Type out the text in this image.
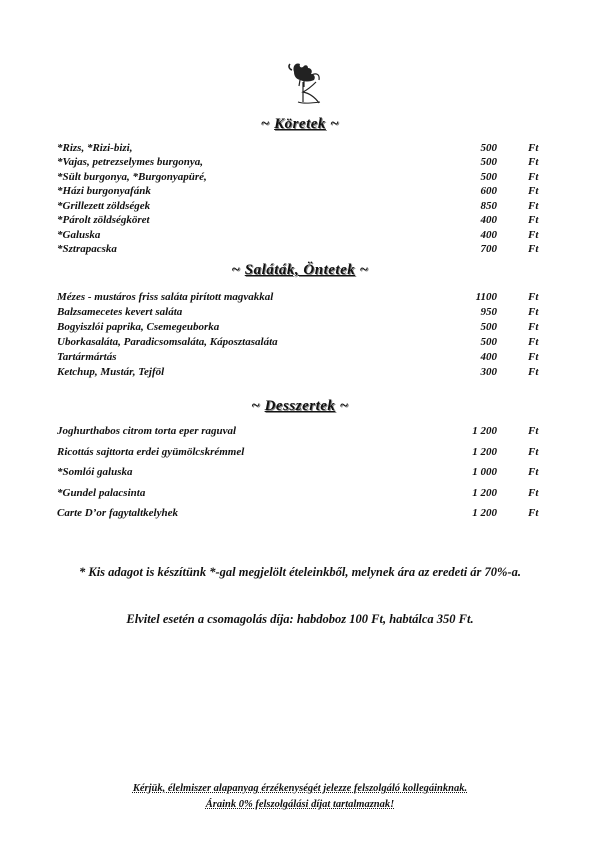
~ Köretek ~
*Rizs, *Rizi-bizi,	500	Ft
*Vajas, petrezselymes burgonya,	500	Ft
*Sült burgonya, *Burgonyapüré,	500	Ft
*Házi burgonyafánk	600	Ft
*Grillezett zöldségek	850	Ft
*Párolt zöldségköret	400	Ft
*Galuska	400	Ft
*Sztrapacska	700	Ft
~ Saláták, Öntetek ~
Mézes - mustáros friss saláta pirított magvakkal	1100	Ft
Balzsamecetes kevert saláta	950	Ft
Bogyiszlói paprika, Csemegeuborka	500	Ft
Uborkasaláta, Paradicsomsaláta, Káposztasaláta	500	Ft
Tartármártás	400	Ft
Ketchup, Mustár, Tejföl	300	Ft
~ Desszertek ~
Joghurthabos citrom torta eper raguval	1 200	Ft
Ricottás sajttorta erdei gyümölcskrémmel	1 200	Ft
*Somlói galuska	1 000	Ft
*Gundel palacsinta	1 200	Ft
Carte D’or fagytaltkelyhek	1 200	Ft
* Kis adagot is készítünk *-gal megjelölt ételeinkből, melynek ára az eredeti ár 70%-a.
Elvitel esetén a csomagolás díja: habdoboz 100 Ft, habtálca 350 Ft.
Kérjük, élelmiszer alapanyag érzékenységét jelezze felszolgáló kollegáinknak.
Áraink 0% felszolgálási díjat tartalmaznak!
